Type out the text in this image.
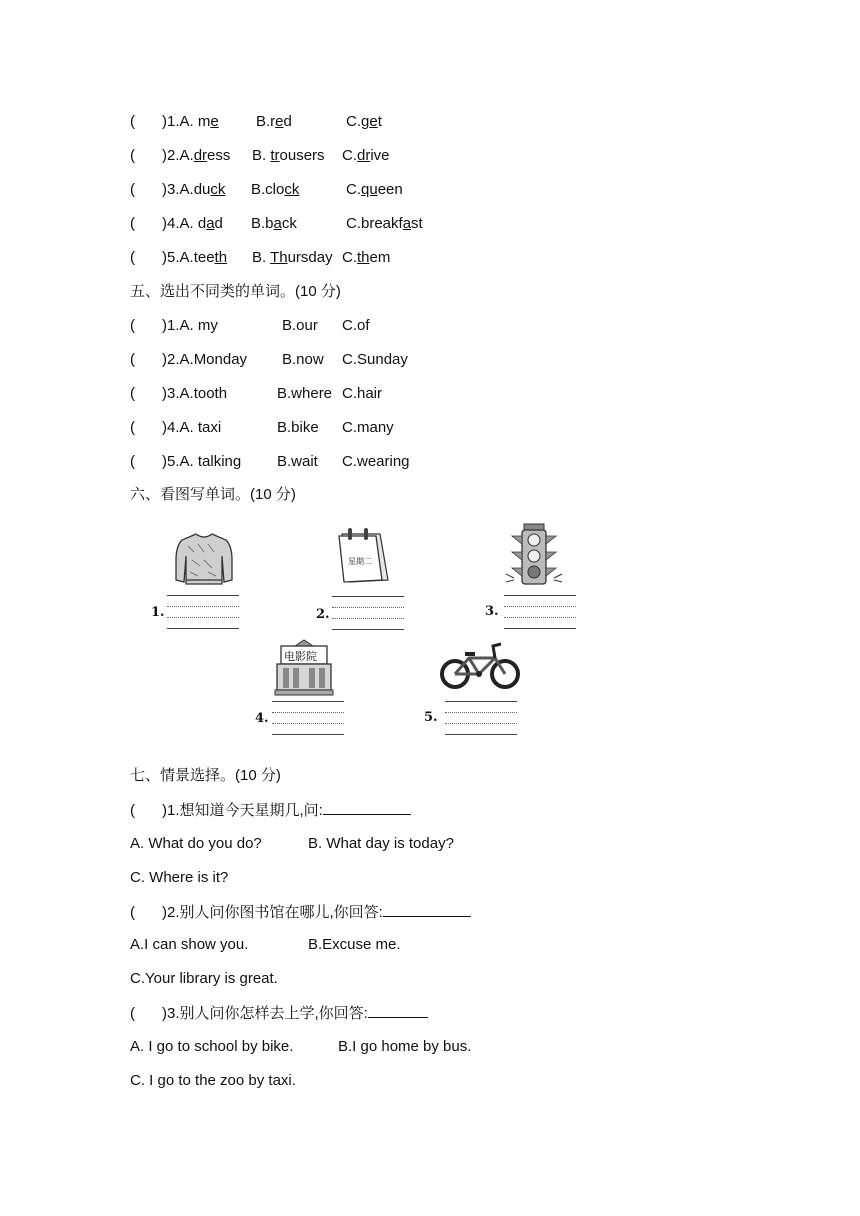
( )1.A. me B.red	C.get
( )2.A.dress B. trousers C.drive
( )3.A.duck B.clock	C.queen
( )4.A. dad B.back	C.breakfast
( )5.A.teeth B. Thursday C.them
五、选出不同类的单词。(10 分)
( )1.A. my	B.our C.of
( )2.A.Monday B.now C.Sunday
( )3.A.tooth	B.where C.hair
( )4.A. taxi	B.bike C.many
( )5.A. talking B.wait C.wearing
六、看图写单词。(10 分)
1.
星期二
2.	3.
电影院
4.	5.
七、情景选择。(10 分)
( )1.想知道今天星期几,问:
A. What do you do?	B. What day is today?
C. Where is it?
( )2.别人问你图书馆在哪儿,你回答:
A.I can show you.	B.Excuse me.
C.Your library is great.
( )3.别人问你怎样去上学,你回答:
A. I go to school by bike.	B.I go home by bus.
C. I go to the zoo by taxi.
